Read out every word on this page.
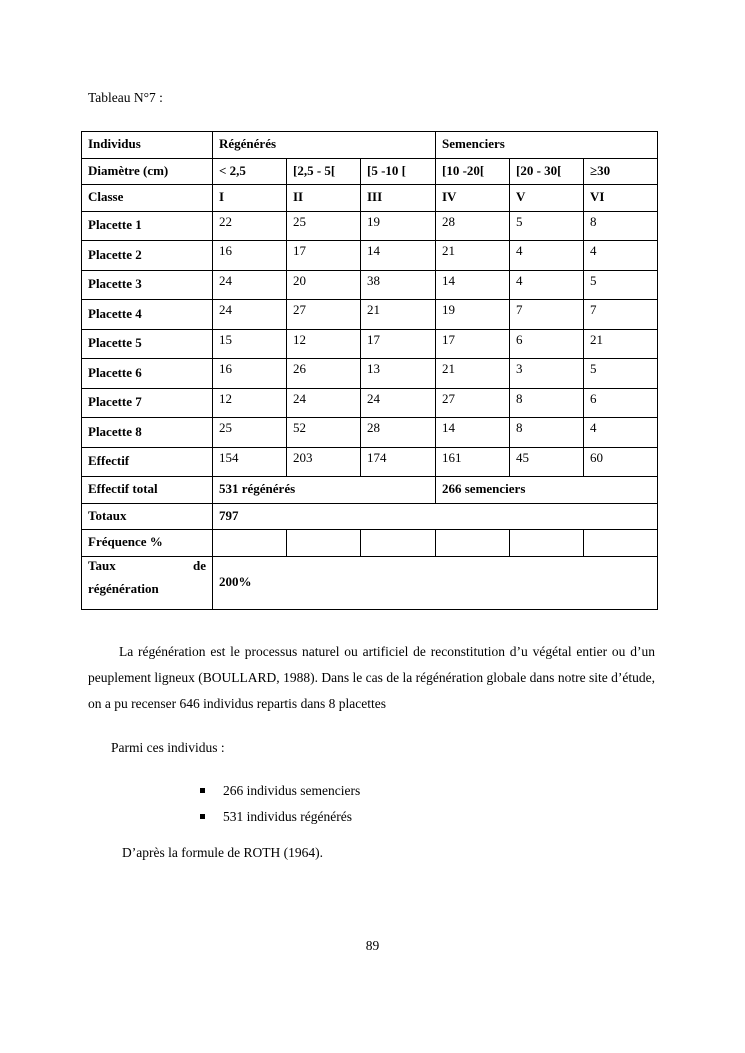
Tableau N°7 :
Individus	Régénérés			Semenciers		
Diamètre (cm)	< 2,5	[2,5 - 5[	[5 -10 [	[10 -20[	[20 - 30[	≥30
Classe	I	II	III	IV	V	VI
Placette 1	22	25	19	28	5	8
Placette 2	16	17	14	21	4	4
Placette 3	24	20	38	14	4	5
Placette 4	24	27	21	19	7	7
Placette 5	15	12	17	17	6	21
Placette 6	16	26	13	21	3	5
Placette 7	12	24	24	27	8	6
Placette 8	25	52	28	14	8	4
Effectif	154	203	174	161	45	60
Effectif total	531 régénérés			266 semenciers		
Totaux	797					
Fréquence %						

Taux de
régénération	200%					
La régénération est le processus naturel ou artificiel de reconstitution d’u végétal entier ou d’un peuplement ligneux (BOULLARD, 1988). Dans le cas de la régénération globale dans notre site d’étude, on a pu recenser 646 individus repartis dans 8 placettes
Parmi ces individus :
266 individus semenciers
531 individus régénérés
D’après la formule de ROTH (1964).
89
